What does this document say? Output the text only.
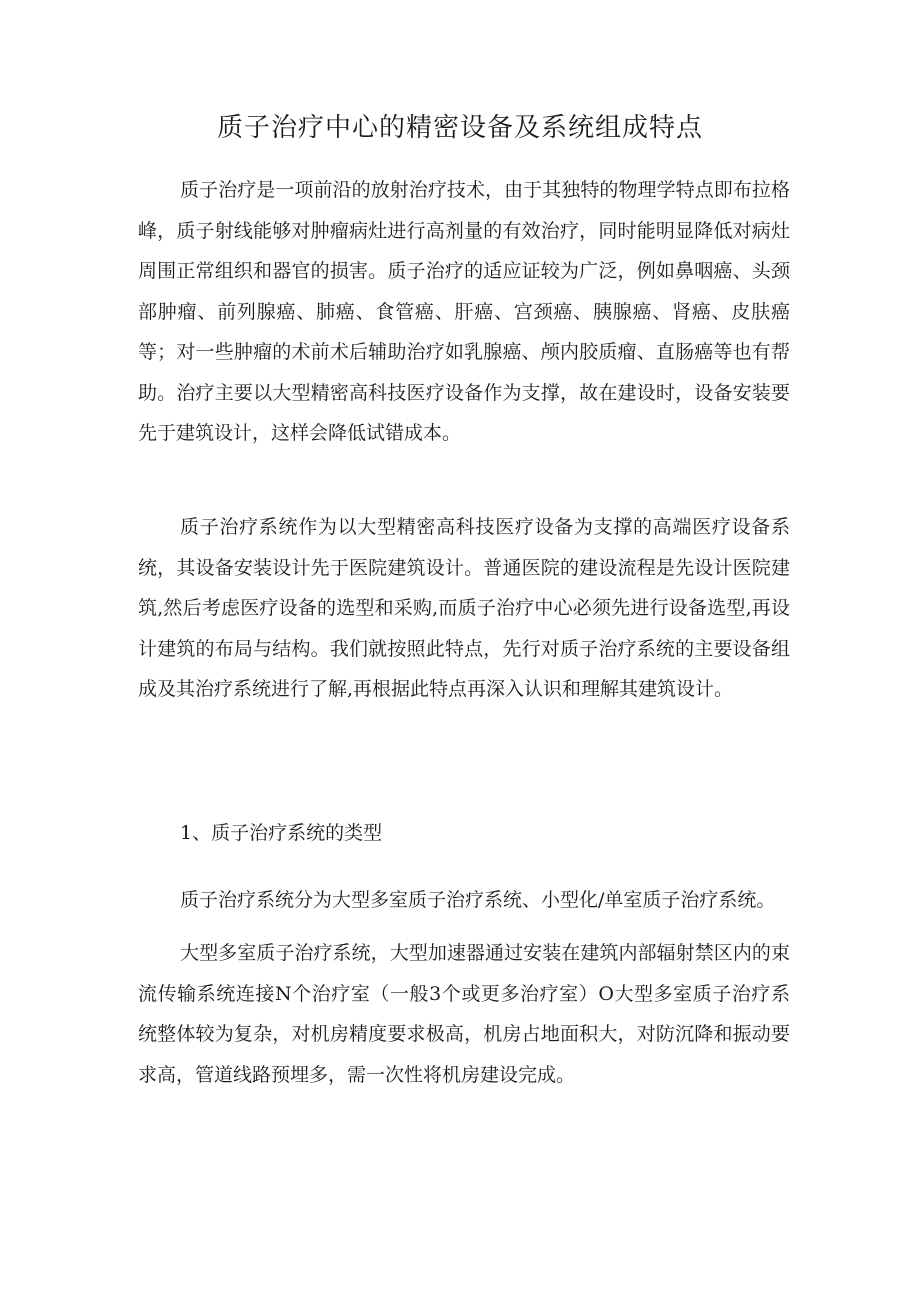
质子治疗中心的精密设备及系统组成特点

质子治疗是一项前沿的放射治疗技术，由于其独特的物理学特点即布拉格峰，质子射线能够对肿瘤病灶进行高剂量的有效治疗，同时能明显降低对病灶周围正常组织和器官的损害。质子治疗的适应证较为广泛，例如鼻咽癌、头颈部肿瘤、前列腺癌、肺癌、食管癌、肝癌、宫颈癌、胰腺癌、肾癌、皮肤癌等；对一些肿瘤的术前术后辅助治疗如乳腺癌、颅内胶质瘤、直肠癌等也有帮助。治疗主要以大型精密高科技医疗设备作为支撑，故在建设时，设备安装要先于建筑设计，这样会降低试错成本。

质子治疗系统作为以大型精密高科技医疗设备为支撑的高端医疗设备系统，其设备安装设计先于医院建筑设计。普通医院的建设流程是先设计医院建筑,然后考虑医疗设备的选型和采购,而质子治疗中心必须先进行设备选型,再设计建筑的布局与结构。我们就按照此特点，先行对质子治疗系统的主要设备组成及其治疗系统进行了解,再根据此特点再深入认识和理解其建筑设计。

1、质子治疗系统的类型

质子治疗系统分为大型多室质子治疗系统、小型化/单室质子治疗系统。

大型多室质子治疗系统，大型加速器通过安装在建筑内部辐射禁区内的束流传输系统连接N个治疗室（一般3个或更多治疗室）O大型多室质子治疗系统整体较为复杂，对机房精度要求极高，机房占地面积大，对防沉降和振动要求高，管道线路预埋多，需一次性将机房建设完成。
